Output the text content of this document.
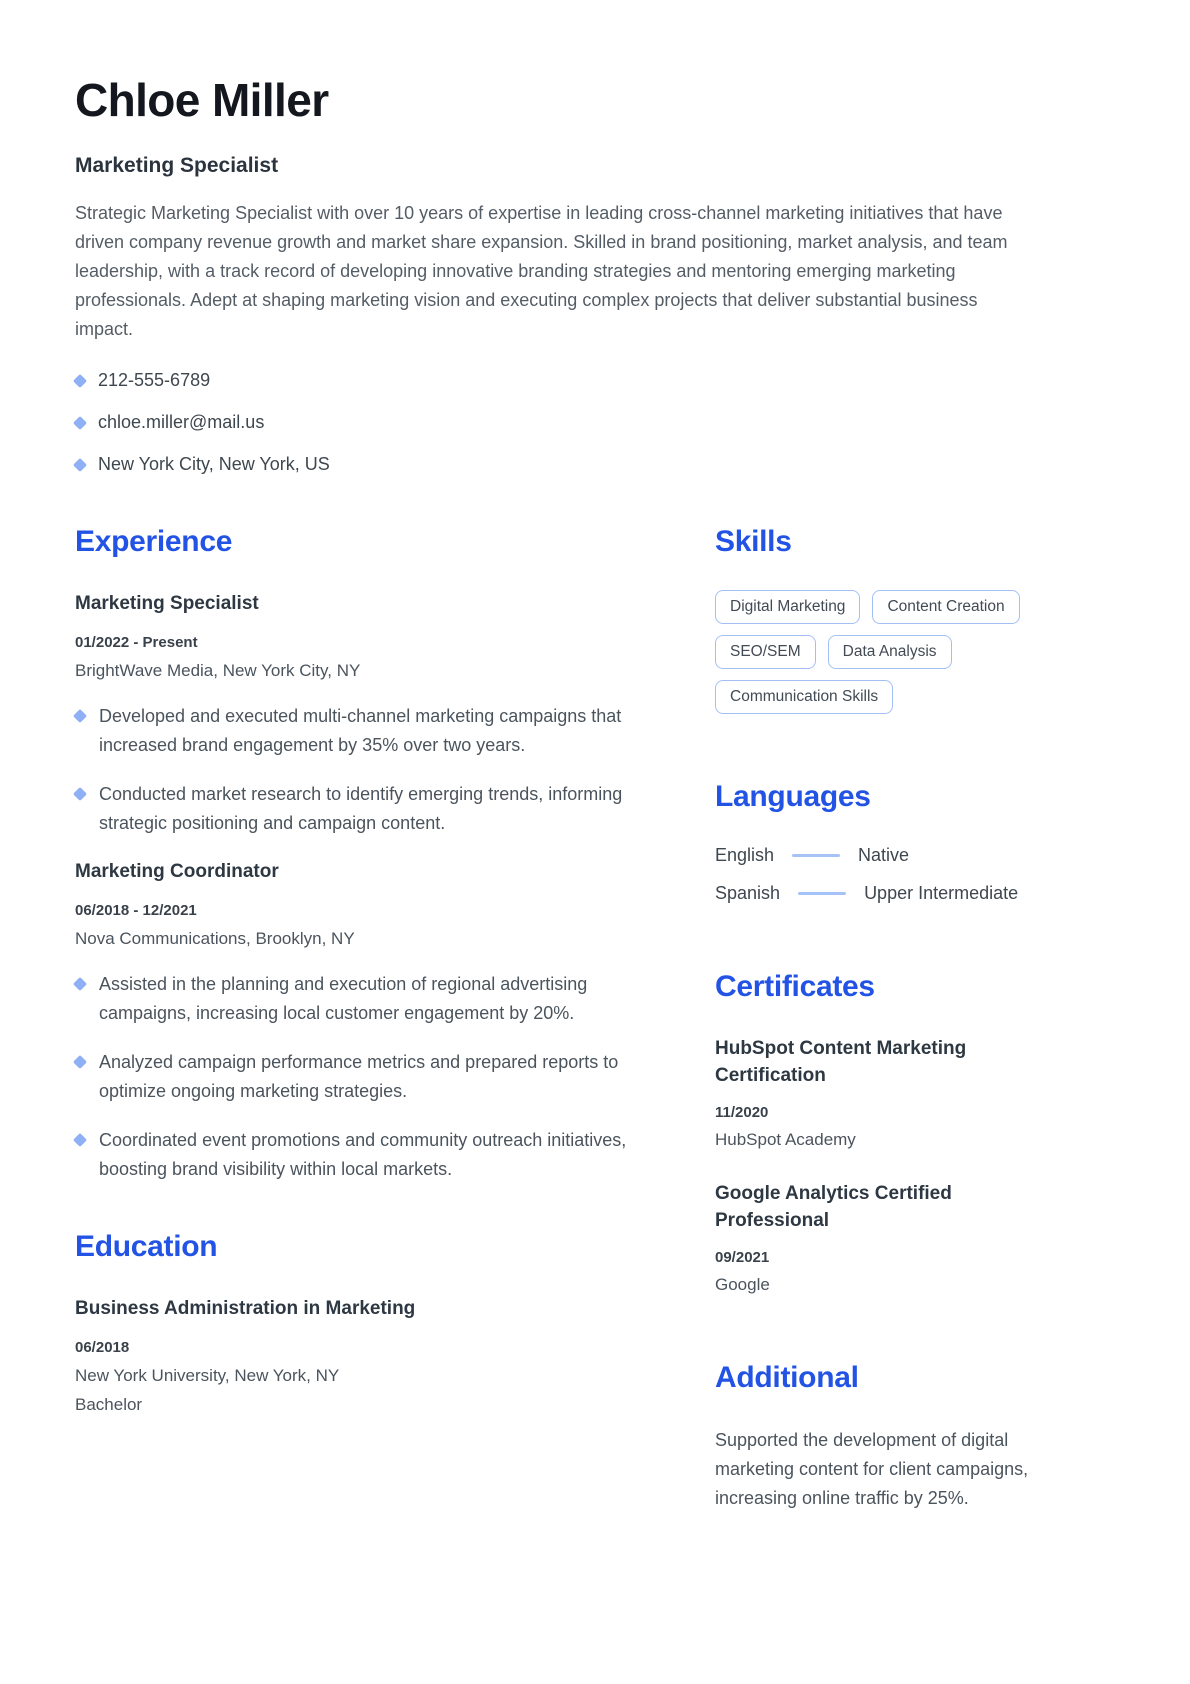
Chloe Miller
Marketing Specialist

Strategic Marketing Specialist with over 10 years of expertise in leading cross-channel marketing initiatives that have driven company revenue growth and market share expansion. Skilled in brand positioning, market analysis, and team leadership, with a track record of developing innovative branding strategies and mentoring emerging marketing professionals. Adept at shaping marketing vision and executing complex projects that deliver substantial business impact.

212-555-6789
chloe.miller@mail.us
New York City, New York, US
Experience
Marketing Specialist
01/2022 - Present
BrightWave Media, New York City, NY
Developed and executed multi-channel marketing campaigns that increased brand engagement by 35% over two years.
Conducted market research to identify emerging trends, informing strategic positioning and campaign content.
Marketing Coordinator
06/2018 - 12/2021
Nova Communications, Brooklyn, NY
Assisted in the planning and execution of regional advertising campaigns, increasing local customer engagement by 20%.
Analyzed campaign performance metrics and prepared reports to optimize ongoing marketing strategies.
Coordinated event promotions and community outreach initiatives, boosting brand visibility within local markets.
Education
Business Administration in Marketing
06/2018
New York University, New York, NY
Bachelor
Skills
Digital Marketing	Content Creation
SEO/SEM	Data Analysis
Communication Skills
Languages
English	Native
Spanish	Upper Intermediate
Certificates
HubSpot Content Marketing Certification
11/2020
HubSpot Academy
Google Analytics Certified Professional
09/2021
Google
Additional

Supported the development of digital marketing content for client campaigns, increasing online traffic by 25%.
